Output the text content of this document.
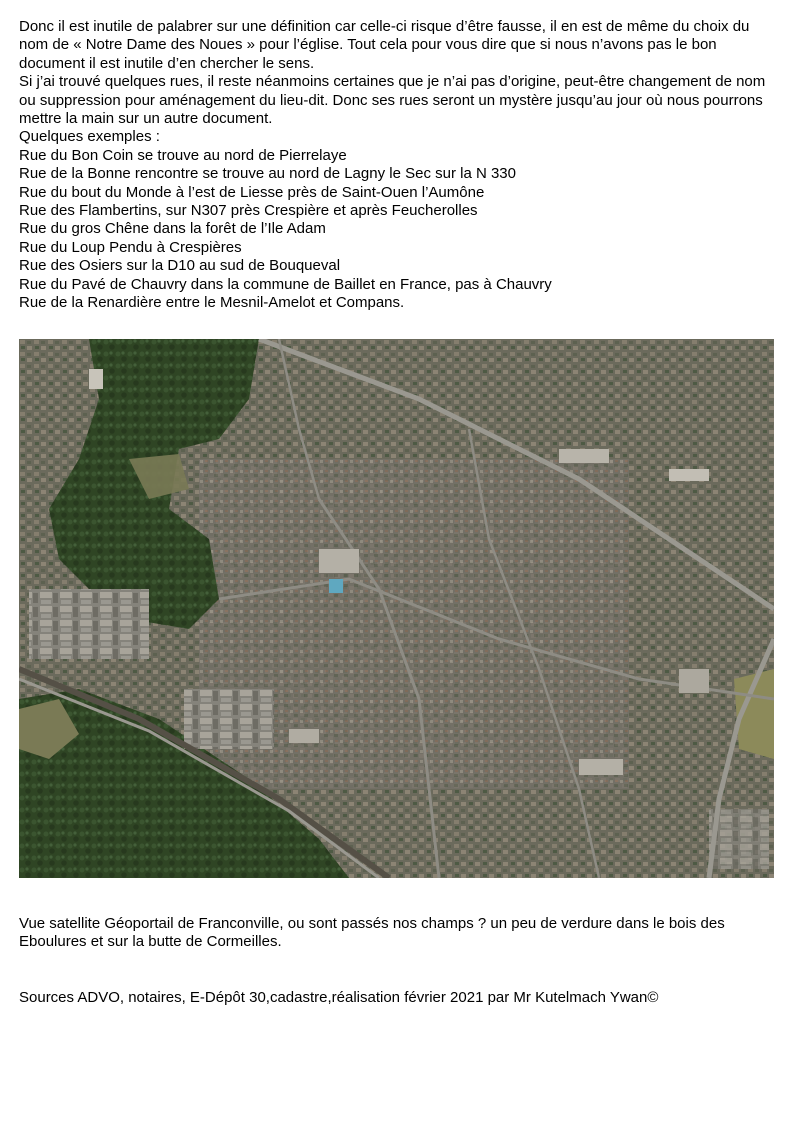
Donc il est inutile de palabrer sur une définition car celle-ci risque d’être fausse, il en est de même du choix du nom de « Notre Dame des Noues » pour l’église. Tout cela pour vous dire que si nous n’avons pas le bon document il est inutile d’en chercher le sens.

Si j’ai trouvé quelques rues, il reste néanmoins certaines que je n’ai pas d’origine, peut-être changement de nom ou suppression pour aménagement du lieu-dit. Donc ses rues seront un mystère jusqu’au jour où nous pourrons mettre la main sur un autre document.

Quelques exemples :

Rue du Bon Coin se trouve au nord de Pierrelaye
Rue de la Bonne rencontre se trouve au nord de Lagny le Sec sur la N 330
Rue du bout du Monde à l’est de Liesse près de Saint-Ouen l’Aumône
Rue des Flambertins, sur N307 près Crespière et après Feucherolles
Rue du gros Chêne dans la forêt de l’Ile Adam
Rue du Loup Pendu à Crespières
Rue des Osiers sur la D10 au sud de Bouqueval
Rue du Pavé de Chauvry dans la commune de Baillet en France, pas à Chauvry
Rue de la Renardière entre le Mesnil-Amelot et Compans.

Vue satellite Géoportail de Franconville, ou sont passés nos champs ? un peu de verdure dans le bois des Eboulures et sur la butte de Cormeilles.

Sources ADVO, notaires, E-Dépôt 30,cadastre,réalisation février 2021 par Mr Kutelmach Ywan©
